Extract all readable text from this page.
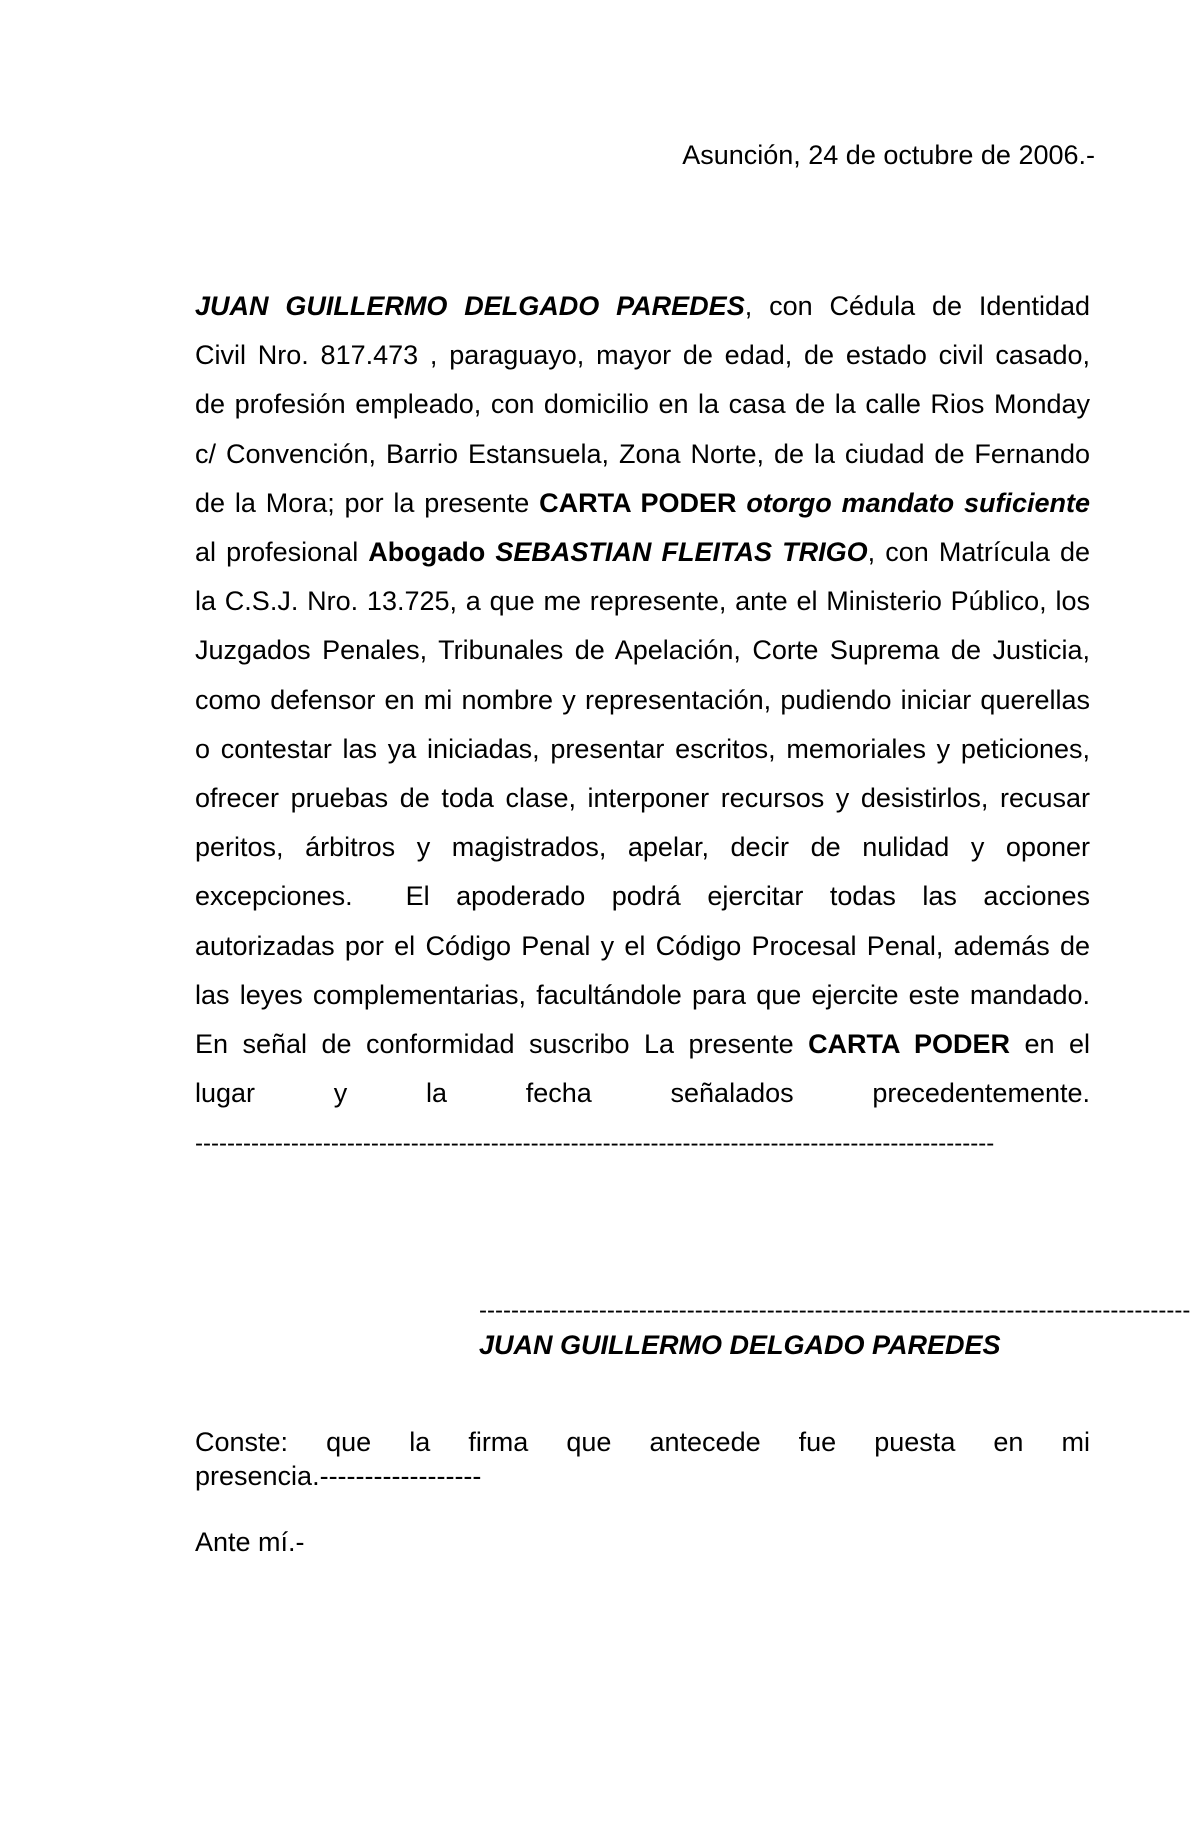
Asunción, 24 de octubre de 2006.-
JUAN GUILLERMO DELGADO PAREDES, con Cédula de Identidad
Civil Nro. 817.473 , paraguayo, mayor de edad, de estado civil casado,
de profesión empleado, con domicilio en la casa de la calle Rios Monday
c/ Convención, Barrio Estansuela, Zona Norte, de la ciudad de Fernando
de la Mora; por la presente CARTA PODER otorgo mandato suficiente
al profesional Abogado SEBASTIAN FLEITAS TRIGO, con Matrícula de
la C.S.J. Nro. 13.725, a que me represente, ante el Ministerio Público, los
Juzgados Penales, Tribunales de Apelación, Corte Suprema de Justicia,
como defensor en mi nombre y representación, pudiendo iniciar querellas
o contestar las ya iniciadas, presentar escritos, memoriales y peticiones,
ofrecer pruebas de toda clase, interponer recursos y desistirlos, recusar
peritos, árbitros y magistrados, apelar, decir de nulidad y oponer
excepciones.  El apoderado podrá ejercitar todas las acciones
autorizadas por el Código Penal y el Código Procesal Penal, además de
las leyes complementarias, facultándole para que ejercite este mandado.
En señal de conformidad suscribo La presente CARTA PODER en el
lugar y la fecha señalados precedentemente.
----------------------------------------------------------------------------------------------------
-----------------------------------------------------------------------------------------
JUAN GUILLERMO DELGADO PAREDES
Conste: que la firma que antecede fue puesta en mi
presencia.------------------
Ante mí.-
